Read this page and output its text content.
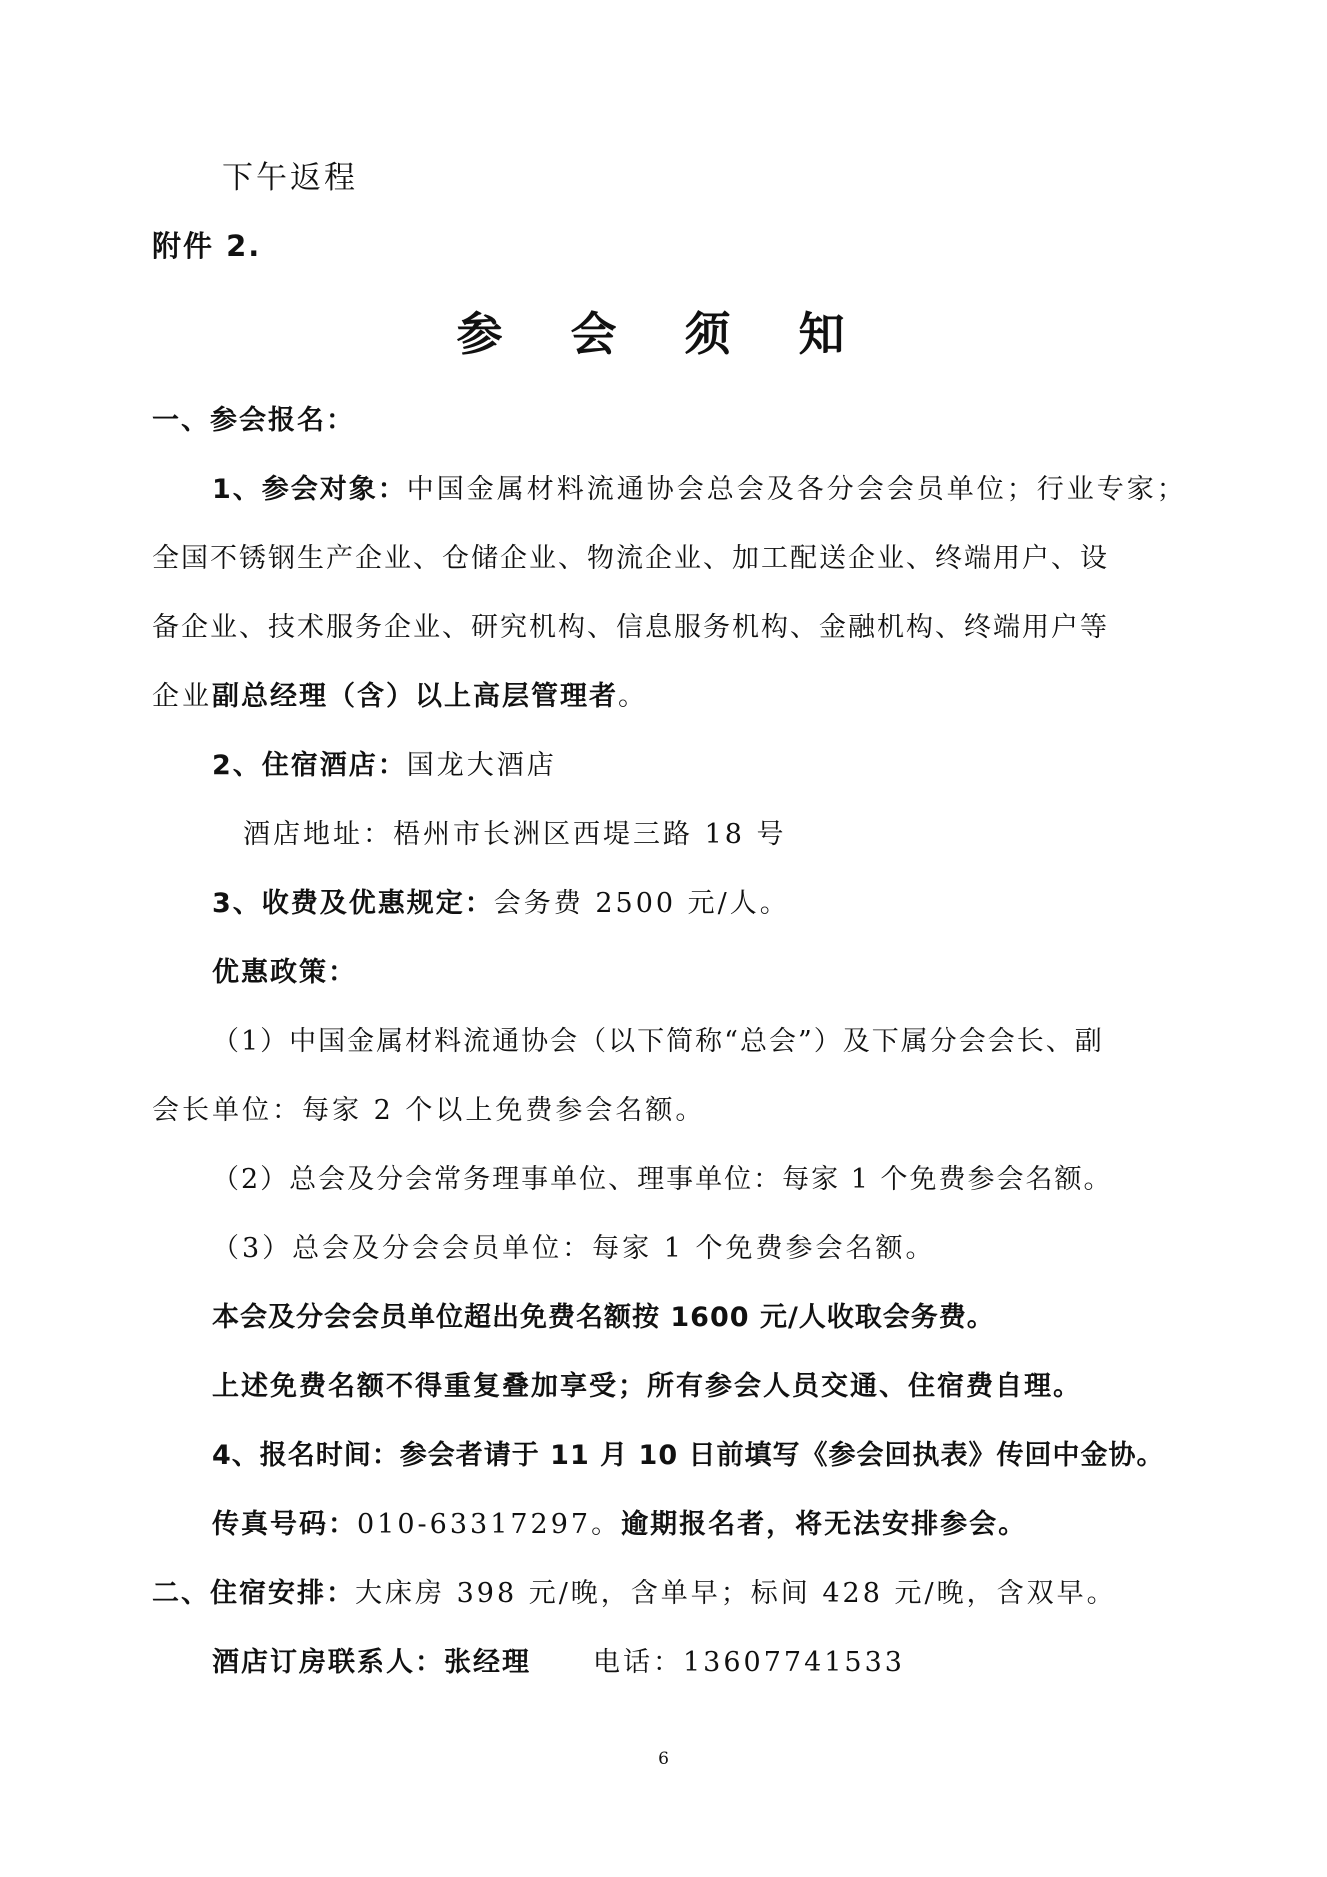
下午返程
附件 2.
参 会 须 知
一、参会报名：
1、参会对象：中国金属材料流通协会总会及各分会会员单位；行业专家；
全国不锈钢生产企业、仓储企业、物流企业、加工配送企业、终端用户、设
备企业、技术服务企业、研究机构、信息服务机构、金融机构、终端用户等
企业副总经理（含）以上高层管理者。
2、住宿酒店：国龙大酒店
酒店地址：梧州市长洲区西堤三路 18 号
3、收费及优惠规定：会务费 2500 元/人。
优惠政策：
（1）中国金属材料流通协会（以下简称“总会”）及下属分会会长、副
会长单位：每家 2 个以上免费参会名额。
（2）总会及分会常务理事单位、理事单位：每家 1 个免费参会名额。
（3）总会及分会会员单位：每家 1 个免费参会名额。
本会及分会会员单位超出免费名额按 1600 元/人收取会务费。
上述免费名额不得重复叠加享受；所有参会人员交通、住宿费自理。
4、报名时间：参会者请于 11 月 10 日前填写《参会回执表》传回中金协。
传真号码：010-63317297。逾期报名者，将无法安排参会。
二、住宿安排：大床房 398 元/晚，含单早；标间 428 元/晚，含双早。
酒店订房联系人：张经理 电话：13607741533
6
